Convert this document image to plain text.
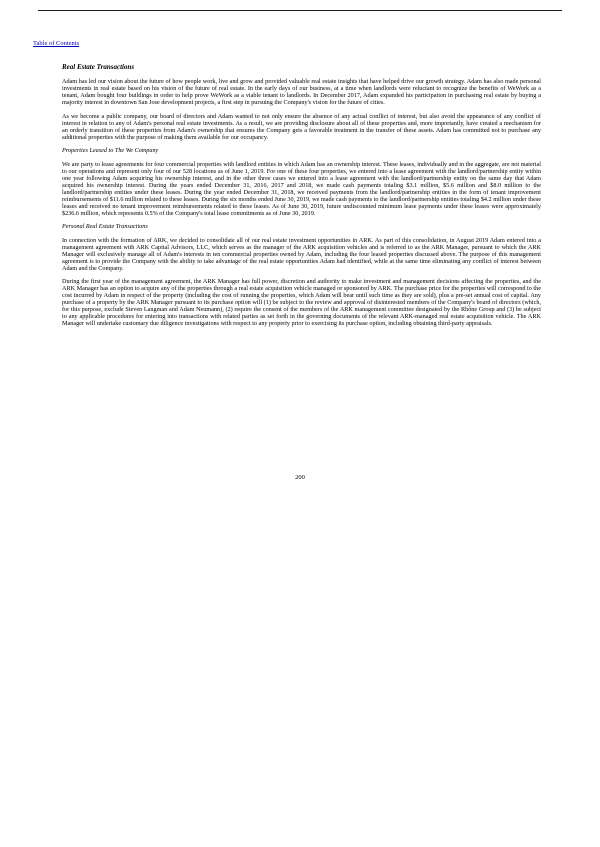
Table of Contents
Real Estate Transactions

Adam has led our vision about the future of how people work, live and grow and provided valuable real estate insights that have helped drive our growth strategy. Adam has also made personal investments in real estate based on his vision of the future of real estate. In the early days of our business, at a time when landlords were reluctant to recognize the benefits of WeWork as a tenant, Adam bought four buildings in order to help prove WeWork as a viable tenant to landlords. In December 2017, Adam expanded his participation in purchasing real estate by buying a majority interest in downtown San Jose development projects, a first step in pursuing the Company's vision for the future of cities.

As we become a public company, our board of directors and Adam wanted to not only ensure the absence of any actual conflict of interest, but also avoid the appearance of any conflict of interest in relation to any of Adam's personal real estate investments. As a result, we are providing disclosure about all of these properties and, more importantly, have created a mechanism for an orderly transition of these properties from Adam's ownership that ensures the Company gets a favorable treatment in the transfer of these assets. Adam has committed not to purchase any additional properties with the purpose of making them available for our occupancy.

Properties Leased to The We Company

We are party to lease agreements for four commercial properties with landlord entities in which Adam has an ownership interest. These leases, individually and in the aggregate, are not material to our operations and represent only four of our 528 locations as of June 1, 2019. For one of these four properties, we entered into a lease agreement with the landlord/partnership entity within one year following Adam acquiring his ownership interest, and in the other three cases we entered into a lease agreement with the landlord/partnership entity on the same day that Adam acquired his ownership interest. During the years ended December 31, 2016, 2017 and 2018, we made cash payments totaling $3.1 million, $5.6 million and $8.0 million to the landlord/partnership entities under these leases. During the year ended December 31, 2018, we received payments from the landlord/partnership entities in the form of tenant improvement reimbursements of $11.6 million related to these leases. During the six months ended June 30, 2019, we made cash payments to the landlord/partnership entities totaling $4.2 million under these leases and received no tenant improvement reimbursements related to these leases. As of June 30, 2019, future undiscounted minimum lease payments under these leases were approximately $236.6 million, which represents 0.5% of the Company's total lease commitments as of June 30, 2019.

Personal Real Estate Transactions

In connection with the formation of ARK, we decided to consolidate all of our real estate investment opportunities in ARK. As part of this consolidation, in August 2019 Adam entered into a management agreement with ARK Capital Advisors, LLC, which serves as the manager of the ARK acquisition vehicles and is referred to as the ARK Manager, pursuant to which the ARK Manager will exclusively manage all of Adam's interests in ten commercial properties owned by Adam, including the four leased properties discussed above. The purpose of this management agreement is to provide the Company with the ability to take advantage of the real estate opportunities Adam had identified, while at the same time eliminating any conflict of interest between Adam and the Company.

During the first year of the management agreement, the ARK Manager has full power, discretion and authority to make investment and management decisions affecting the properties, and the ARK Manager has an option to acquire any of the properties through a real estate acquisition vehicle managed or sponsored by ARK. The purchase price for the properties will correspond to the cost incurred by Adam in respect of the property (including the cost of running the properties, which Adam will bear until such time as they are sold), plus a pre-set annual cost of capital. Any purchase of a property by the ARK Manager pursuant to its purchase option will (1) be subject to the review and approval of disinterested members of the Company's board of directors (which, for this purpose, exclude Steven Langman and Adam Neumann), (2) require the consent of the members of the ARK management committee designated by the Rhône Group and (3) be subject to any applicable procedures for entering into transactions with related parties as set forth in the governing documents of the relevant ARK-managed real estate acquisition vehicle. The ARK Manager will undertake customary due diligence investigations with respect to any property prior to exercising its purchase option, including obtaining third-party appraisals.

200
